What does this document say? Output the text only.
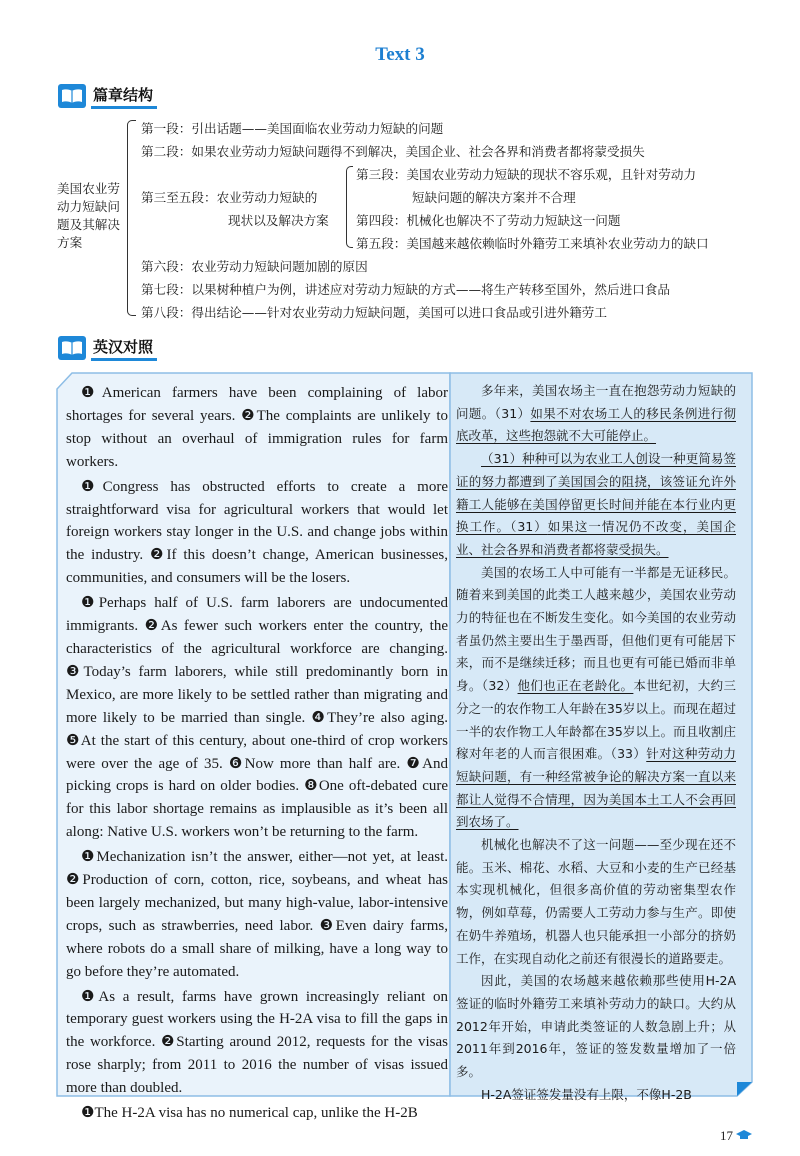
Text 3
篇章结构
美国农业劳
动力短缺问
题及其解决
方案
第一段：引出话题——美国面临农业劳动力短缺的问题
第二段：如果农业劳动力短缺问题得不到解决，美国企业、社会各界和消费者都将蒙受损失
第三至五段：农业劳动力短缺的
现状以及解决方案
第三段：美国农业劳动力短缺的现状不容乐观，且针对劳动力
短缺问题的解决方案并不合理
第四段：机械化也解决不了劳动力短缺这一问题
第五段：美国越来越依赖临时外籍劳工来填补农业劳动力的缺口
第六段：农业劳动力短缺问题加剧的原因
第七段：以果树种植户为例，讲述应对劳动力短缺的方式——将生产转移至国外，然后进口食品
第八段：得出结论——针对农业劳动力短缺问题，美国可以进口食品或引进外籍劳工
英汉对照

❶American farmers have been complaining of labor shortages for several years. ❷The complaints are unlikely to stop without an overhaul of immigration rules for farm workers.

❶Congress has obstructed efforts to create a more straightforward visa for agricultural workers that would let foreign workers stay longer in the U.S. and change jobs within the industry. ❷If this doesn’t change, American businesses, communities, and consumers will be the losers.

❶Perhaps half of U.S. farm laborers are undocumented immigrants. ❷As fewer such workers enter the country, the characteristics of the agricultural workforce are changing. ❸Today’s farm laborers, while still predominantly born in Mexico, are more likely to be settled rather than migrating and more likely to be married than single. ❹They’re also aging. ❺At the start of this century, about one-third of crop workers were over the age of 35. ❻Now more than half are. ❼And picking crops is hard on older bodies. ❽One oft-debated cure for this labor shortage remains as implausible as it’s been all along: Native U.S. workers won’t be returning to the farm.

❶Mechanization isn’t the answer, either—not yet, at least. ❷Production of corn, cotton, rice, soybeans, and wheat has been largely mechanized, but many high-value, labor-intensive crops, such as strawberries, need labor. ❸Even dairy farms, where robots do a small share of milking, have a long way to go before they’re automated.

❶As a result, farms have grown increasingly reliant on temporary guest workers using the H-2A visa to fill the gaps in the workforce. ❷Starting around 2012, requests for the visas rose sharply; from 2011 to 2016 the number of visas issued more than doubled.

❶The H-2A visa has no numerical cap, unlike the H-2B

多年来，美国农场主一直在抱怨劳动力短缺的问题。（31）如果不对农场工人的移民条例进行彻底改革，这些抱怨就不大可能停止。

（31）种种可以为农业工人创设一种更简易签证的努力都遭到了美国国会的阻挠，该签证允许外籍工人能够在美国停留更长时间并能在本行业内更换工作。（31）如果这一情况仍不改变，美国企业、社会各界和消费者都将蒙受损失。

美国的农场工人中可能有一半都是无证移民。随着来到美国的此类工人越来越少，美国农业劳动力的特征也在不断发生变化。如今美国的农业劳动者虽仍然主要出生于墨西哥，但他们更有可能居下来，而不是继续迁移；而且也更有可能已婚而非单身。（32）他们也正在老龄化。本世纪初，大约三分之一的农作物工人年龄在35岁以上。而现在超过一半的农作物工人年龄都在35岁以上。而且收割庄稼对年老的人而言很困难。（33）针对这种劳动力短缺问题，有一种经常被争论的解决方案一直以来都让人觉得不合情理，因为美国本土工人不会再回到农场了。

机械化也解决不了这一问题——至少现在还不能。玉米、棉花、水稻、大豆和小麦的生产已经基本实现机械化，但很多高价值的劳动密集型农作物，例如草莓，仍需要人工劳动力参与生产。即使在奶牛养殖场，机器人也只能承担一小部分的挤奶工作，在实现自动化之前还有很漫长的道路要走。

因此，美国的农场越来越依赖那些使用H-2A签证的临时外籍劳工来填补劳动力的缺口。大约从2012年开始，申请此类签证的人数急剧上升；从2011年到2016年，签证的签发数量增加了一倍多。

H-2A签证签发量没有上限，不像H-2B

17
